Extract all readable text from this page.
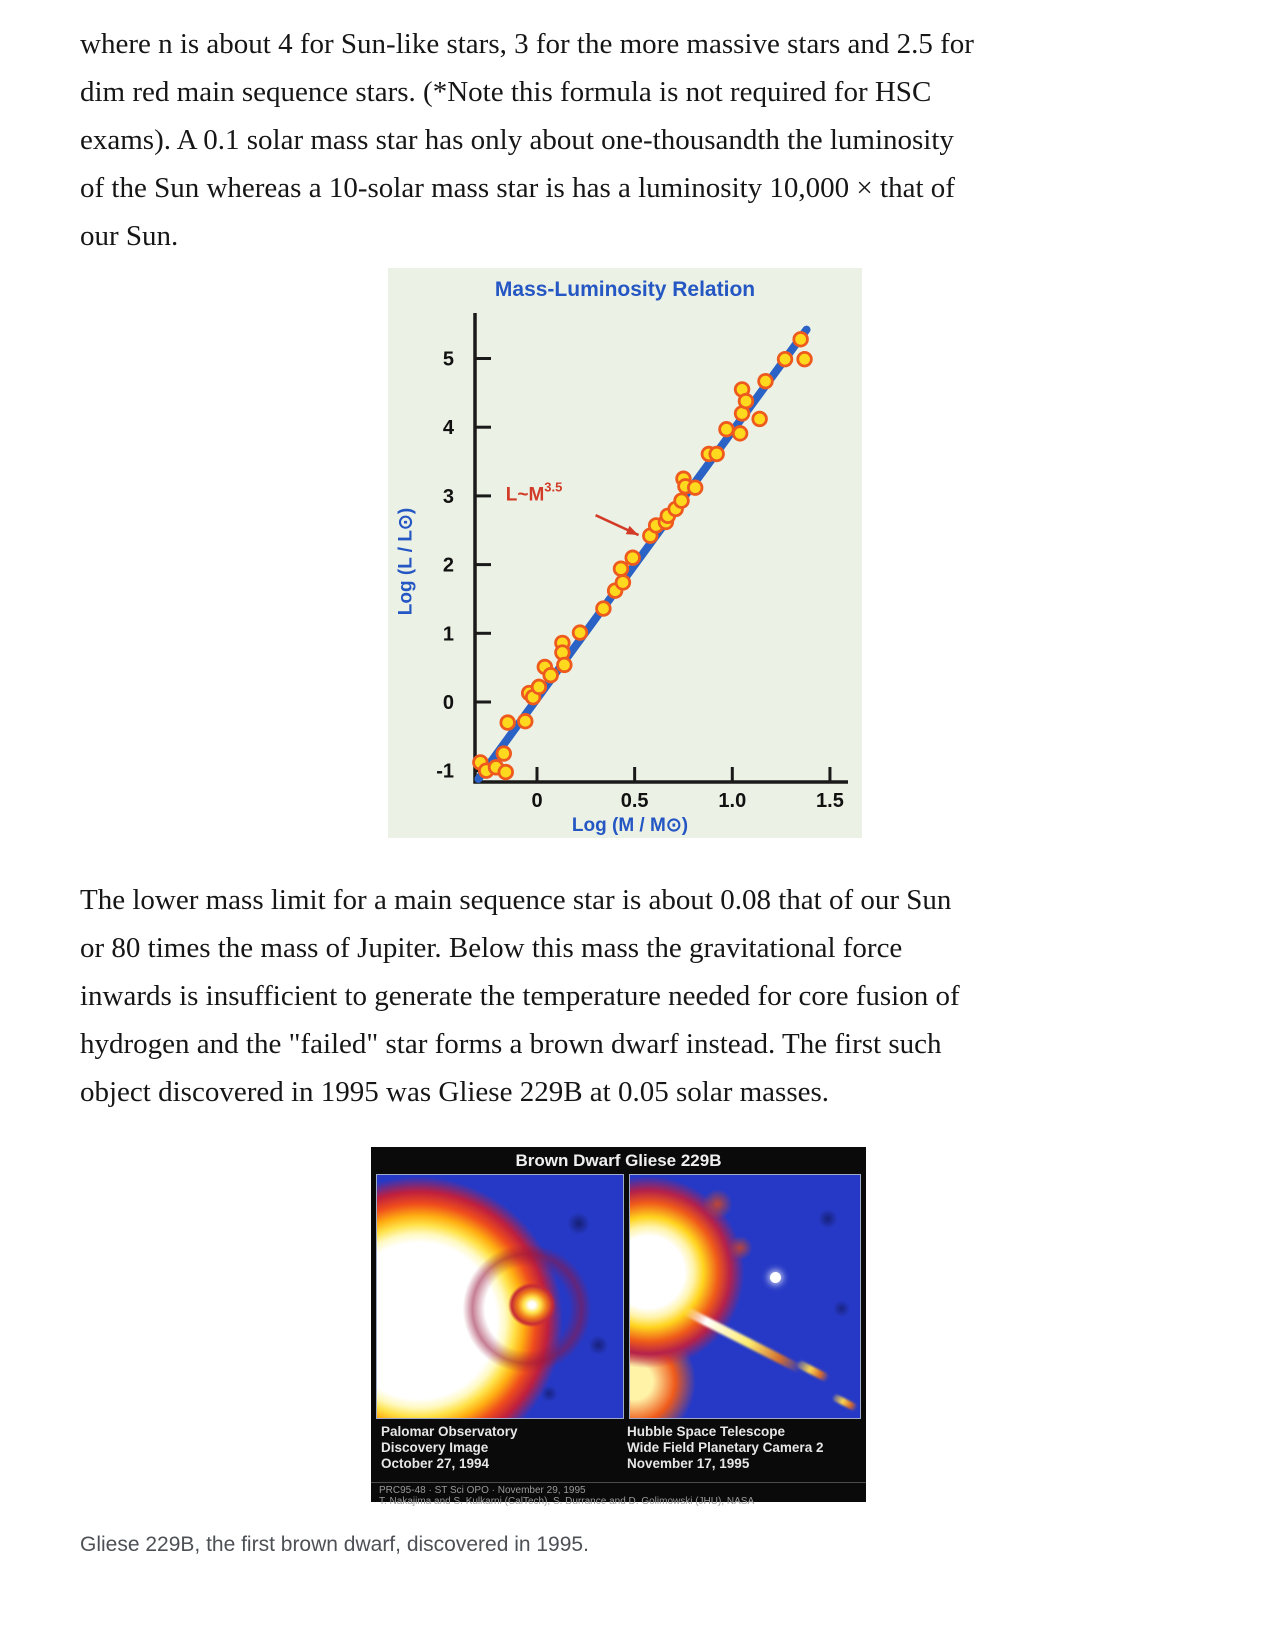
where n is about 4 for Sun-like stars, 3 for the more massive stars and 2.5 for
dim red main sequence stars. (*Note this formula is not required for HSC
exams). A 0.1 solar mass star has only about one-thousandth the luminosity
of the Sun whereas a 10-solar mass star is has a luminosity 10,000 × that of
our Sun.
Mass-Luminosity Relation
Log (L / L⊙)
Log (M / M⊙)
-1
0
1
2
3
4
5
0	0.5	1.0	1.5
$L\sim M^{3.5}$
The lower mass limit for a main sequence star is about 0.08 that of our Sun
or 80 times the mass of Jupiter. Below this mass the gravitational force
inwards is insufficient to generate the temperature needed for core fusion of
hydrogen and the "failed" star forms a brown dwarf instead. The first such
object discovered in 1995 was Gliese 229B at 0.05 solar masses.
Brown Dwarf Gliese 229B
Palomar Observatory
Discovery Image
October 27, 1994
Hubble Space Telescope
Wide Field Planetary Camera 2
November 17, 1995
PRC95-48 · ST Sci OPO · November 29, 1995
T. Nakajima and S. Kulkarni (CalTech), S. Durrance and D. Golimowski (JHU), NASA
Gliese 229B, the first brown dwarf, discovered in 1995.
